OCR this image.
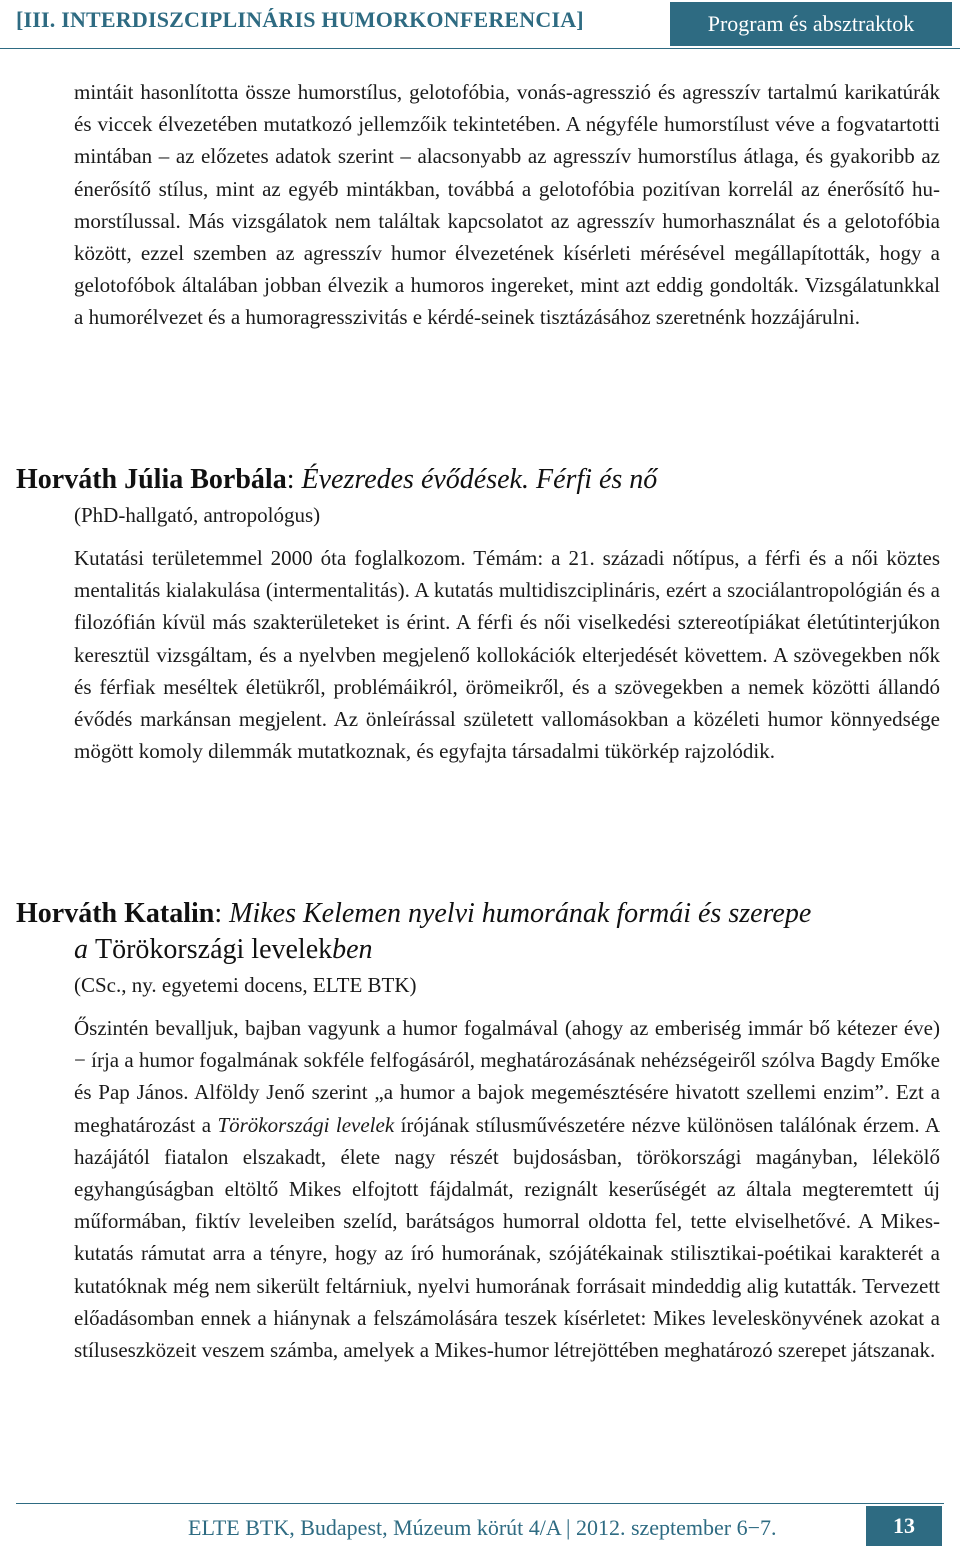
[III. INTERDISZCIPLINÁRIS HUMORKONFERENCIA]	Program és absztraktok
mintáit hasonlította össze humorstílus, gelotofóbia, vonás-agresszió és agresszív tartalmú karikatúrák és viccek élvezetében mutatkozó jellemzőik tekintetében. A négyféle humorstílust véve a fogvatartotti mintában – az előzetes adatok szerint – alacsonyabb az agresszív humorstílus átlaga, és gyakoribb az énerősítő stílus, mint az egyéb mintákban, továbbá a gelotofóbia pozitívan korrelál az énerősítő humorstílussal. Más vizsgálatok nem találtak kapcsolatot az agresszív humorhasználat és a gelotofóbia között, ezzel szemben az agresszív humor élvezetének kísérleti mérésével megállapították, hogy a gelotofóbok általában jobban élvezik a humoros ingereket, mint azt eddig gondolták. Vizsgálatunkkal a humorélvezet és a humoragresszivitás e kérdé-seinek tisztázásához szeretnénk hozzájárulni.
Horváth Júlia Borbála: Évezredes évődések. Férfi és nő
(PhD-hallgató, antropológus)
Kutatási területemmel 2000 óta foglalkozom. Témám: a 21. századi nőtípus, a férfi és a női köztes mentalitás kialakulása (intermentalitás). A kutatás multidiszciplináris, ezért a szociálantropológián és a filozófián kívül más szakterületeket is érint. A férfi és női viselkedési sztereotípiákat életútinterjúkon keresztül vizsgáltam, és a nyelvben megjelenő kollokációk elterjedését követtem. A szövegekben nők és férfiak meséltek életükről, problémáikról, örömeikről, és a szövegekben a nemek közötti állandó évődés markánsan megjelent. Az önleírással született vallomásokban a közéleti humor könnyedsége mögött komoly dilemmák mutatkoznak, és egyfajta társadalmi tükörkép rajzolódik.
Horváth Katalin: Mikes Kelemen nyelvi humorának formái és szerepe
a Törökországi levelekben
(CSc., ny. egyetemi docens, ELTE BTK)
Őszintén bevalljuk, bajban vagyunk a humor fogalmával (ahogy az emberiség immár bő kétezer éve) − írja a humor fogalmának sokféle felfogásáról, meghatározásának nehézségeiről szólva Bagdy Emőke és Pap János. Alföldy Jenő szerint „a humor a bajok megemésztésére hivatott szellemi enzim”. Ezt a meghatározást a Törökországi levelek írójának stílusművészetére nézve különösen találónak érzem. A hazájától fiatalon elszakadt, élete nagy részét bujdosásban, törökországi magányban, lélekölő egyhangúságban eltöltő Mikes elfojtott fájdalmát, rezignált keserűségét az általa megteremtett új műformában, fiktív leveleiben szelíd, barátságos humorral oldotta fel, tette elviselhetővé. A Mikeskutatás rámutat arra a tényre, hogy az író humorának, szójátékainak stilisztikai-poétikai karakterét a kutatóknak még nem sikerült feltárniuk, nyelvi humorának forrásait mindeddig alig kutatták. Tervezett előadásomban ennek a hiánynak a felszámolására teszek kísérletet: Mikes leveleskönyvének azokat a stíluseszközeit veszem számba, amelyek a Mikes-humor létrejöttében meghatározó szerepet játszanak.
ELTE BTK, Budapest, Múzeum körút 4/A | 2012. szeptember 6−7.	13
